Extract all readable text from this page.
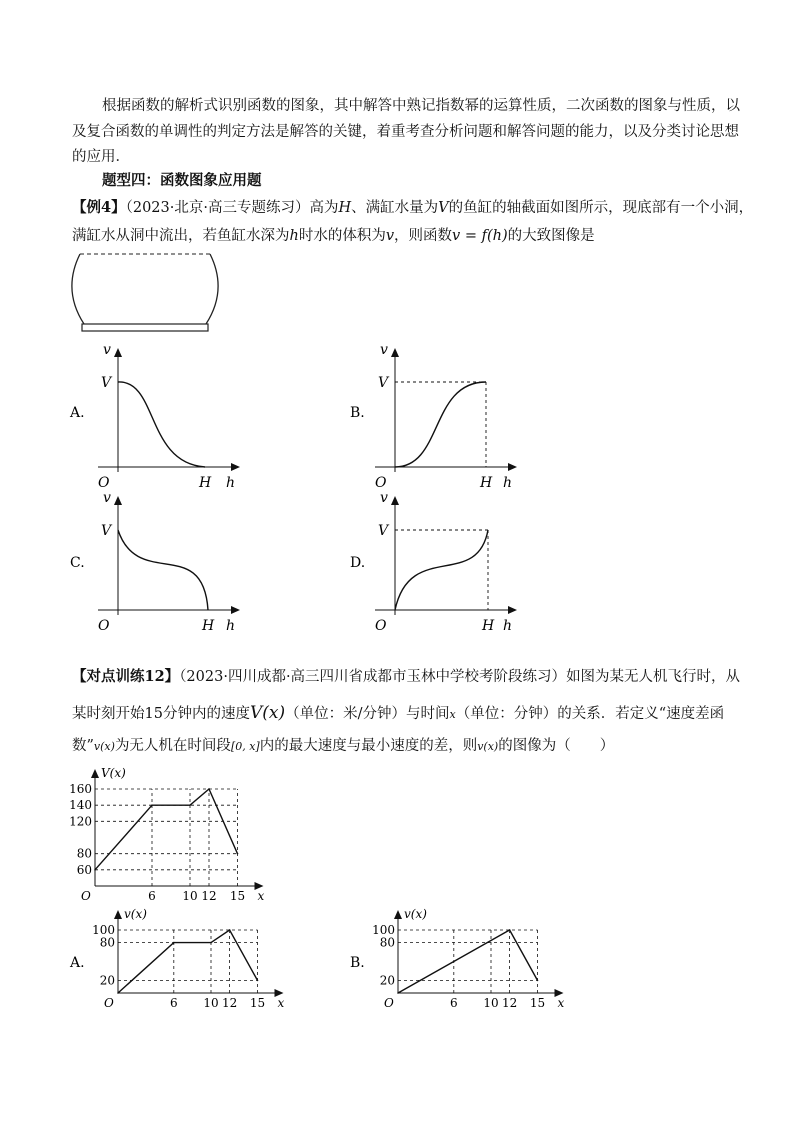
根据函数的解析式识别函数的图象，其中解答中熟记指数幂的运算性质，二次函数的图象与性质，以
及复合函数的单调性的判定方法是解答的关键，着重考查分析问题和解答问题的能力，以及分类讨论思想
的应用．
题型四：函数图象应用题
【例4】（2023·北京·高三专题练习）高为H、满缸水量为V的鱼缸的轴截面如图所示，现底部有一个小洞，
满缸水从洞中流出，若鱼缸水深为h时水的体积为v，则函数v = f(h)的大致图像是
v
h
O
V
H
A.
v
h
O
V
H
B.
v
h
O
V
H
C.
v
h
O
V
H
D.
【对点训练12】（2023·四川成都·高三四川省成都市玉林中学校考阶段练习）如图为某无人机飞行时，从
某时刻开始15分钟内的速度V(x)（单位：米/分钟）与时间x（单位：分钟）的关系．若定义“速度差函
数”v(x)为无人机在时间段[0, x]内的最大速度与最小速度的差，则v(x)的图像为（　　）
V(x)
x
O
60
80
120
140
160
6 10 12 15
v(x)
x
O
20
80
100
6 10 12 15
A.
v(x)
x
O
20
80
100
6 10 12 15
B.
